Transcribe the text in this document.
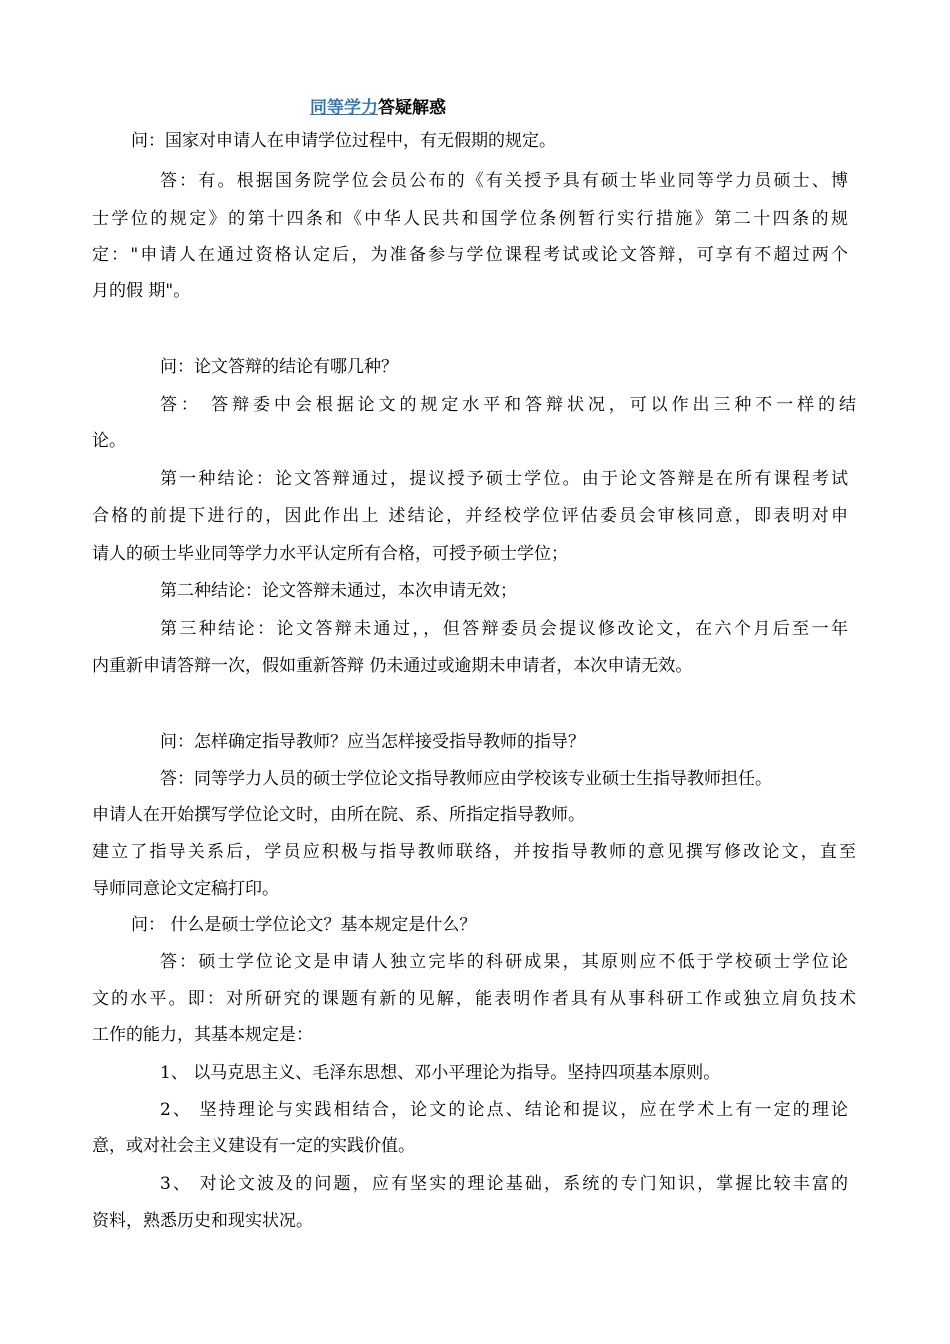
同等学力答疑解惑
问：国家对申请人在申请学位过程中，有无假期的规定。
答：有。根据国务院学位会员公布的《有关授予具有硕士毕业同等学力员硕士、博
士学位的规定》的第十四条和《中华人民共和国学位条例暂行实行措施》第二十四条的规
定："申请人在通过资格认定后，为准备参与学位课程考试或论文答辩，可享有不超过两个
月的假 期"。
问：论文答辩的结论有哪几种？
答： 答辩委中会根据论文的规定水平和答辩状况，可以作出三种不一样的结
论。
第一种结论：论文答辩通过，提议授予硕士学位。由于论文答辩是在所有课程考试
合格的前提下进行的，因此作出上 述结论，并经校学位评估委员会审核同意，即表明对申
请人的硕士毕业同等学力水平认定所有合格，可授予硕士学位；
第二种结论：论文答辩未通过，本次申请无效；
第三种结论：论文答辩未通过，，但答辩委员会提议修改论文，在六个月后至一年
内重新申请答辩一次，假如重新答辩 仍未通过或逾期未申请者，本次申请无效。
问：怎样确定指导教师？应当怎样接受指导教师的指导？
答：同等学力人员的硕士学位论文指导教师应由学校该专业硕士生指导教师担任。
申请人在开始撰写学位论文时，由所在院、系、所指定指导教师。
建立了指导关系后，学员应积极与指导教师联络，并按指导教师的意见撰写修改论文，直至
导师同意论文定稿打印。
问： 什么是硕士学位论文？基本规定是什么？
答：硕士学位论文是申请人独立完毕的科研成果，其原则应不低于学校硕士学位论
文的水平。即：对所研究的课题有新的见解，能表明作者具有从事科研工作或独立肩负技术
工作的能力，其基本规定是：
1、 以马克思主义、毛泽东思想、邓小平理论为指导。坚持四项基本原则。
2、 坚持理论与实践相结合，论文的论点、结论和提议，应在学术上有一定的理论
意，或对社会主义建设有一定的实践价值。
3、 对论文波及的问题，应有坚实的理论基础，系统的专门知识，掌握比较丰富的
资料，熟悉历史和现实状况。
